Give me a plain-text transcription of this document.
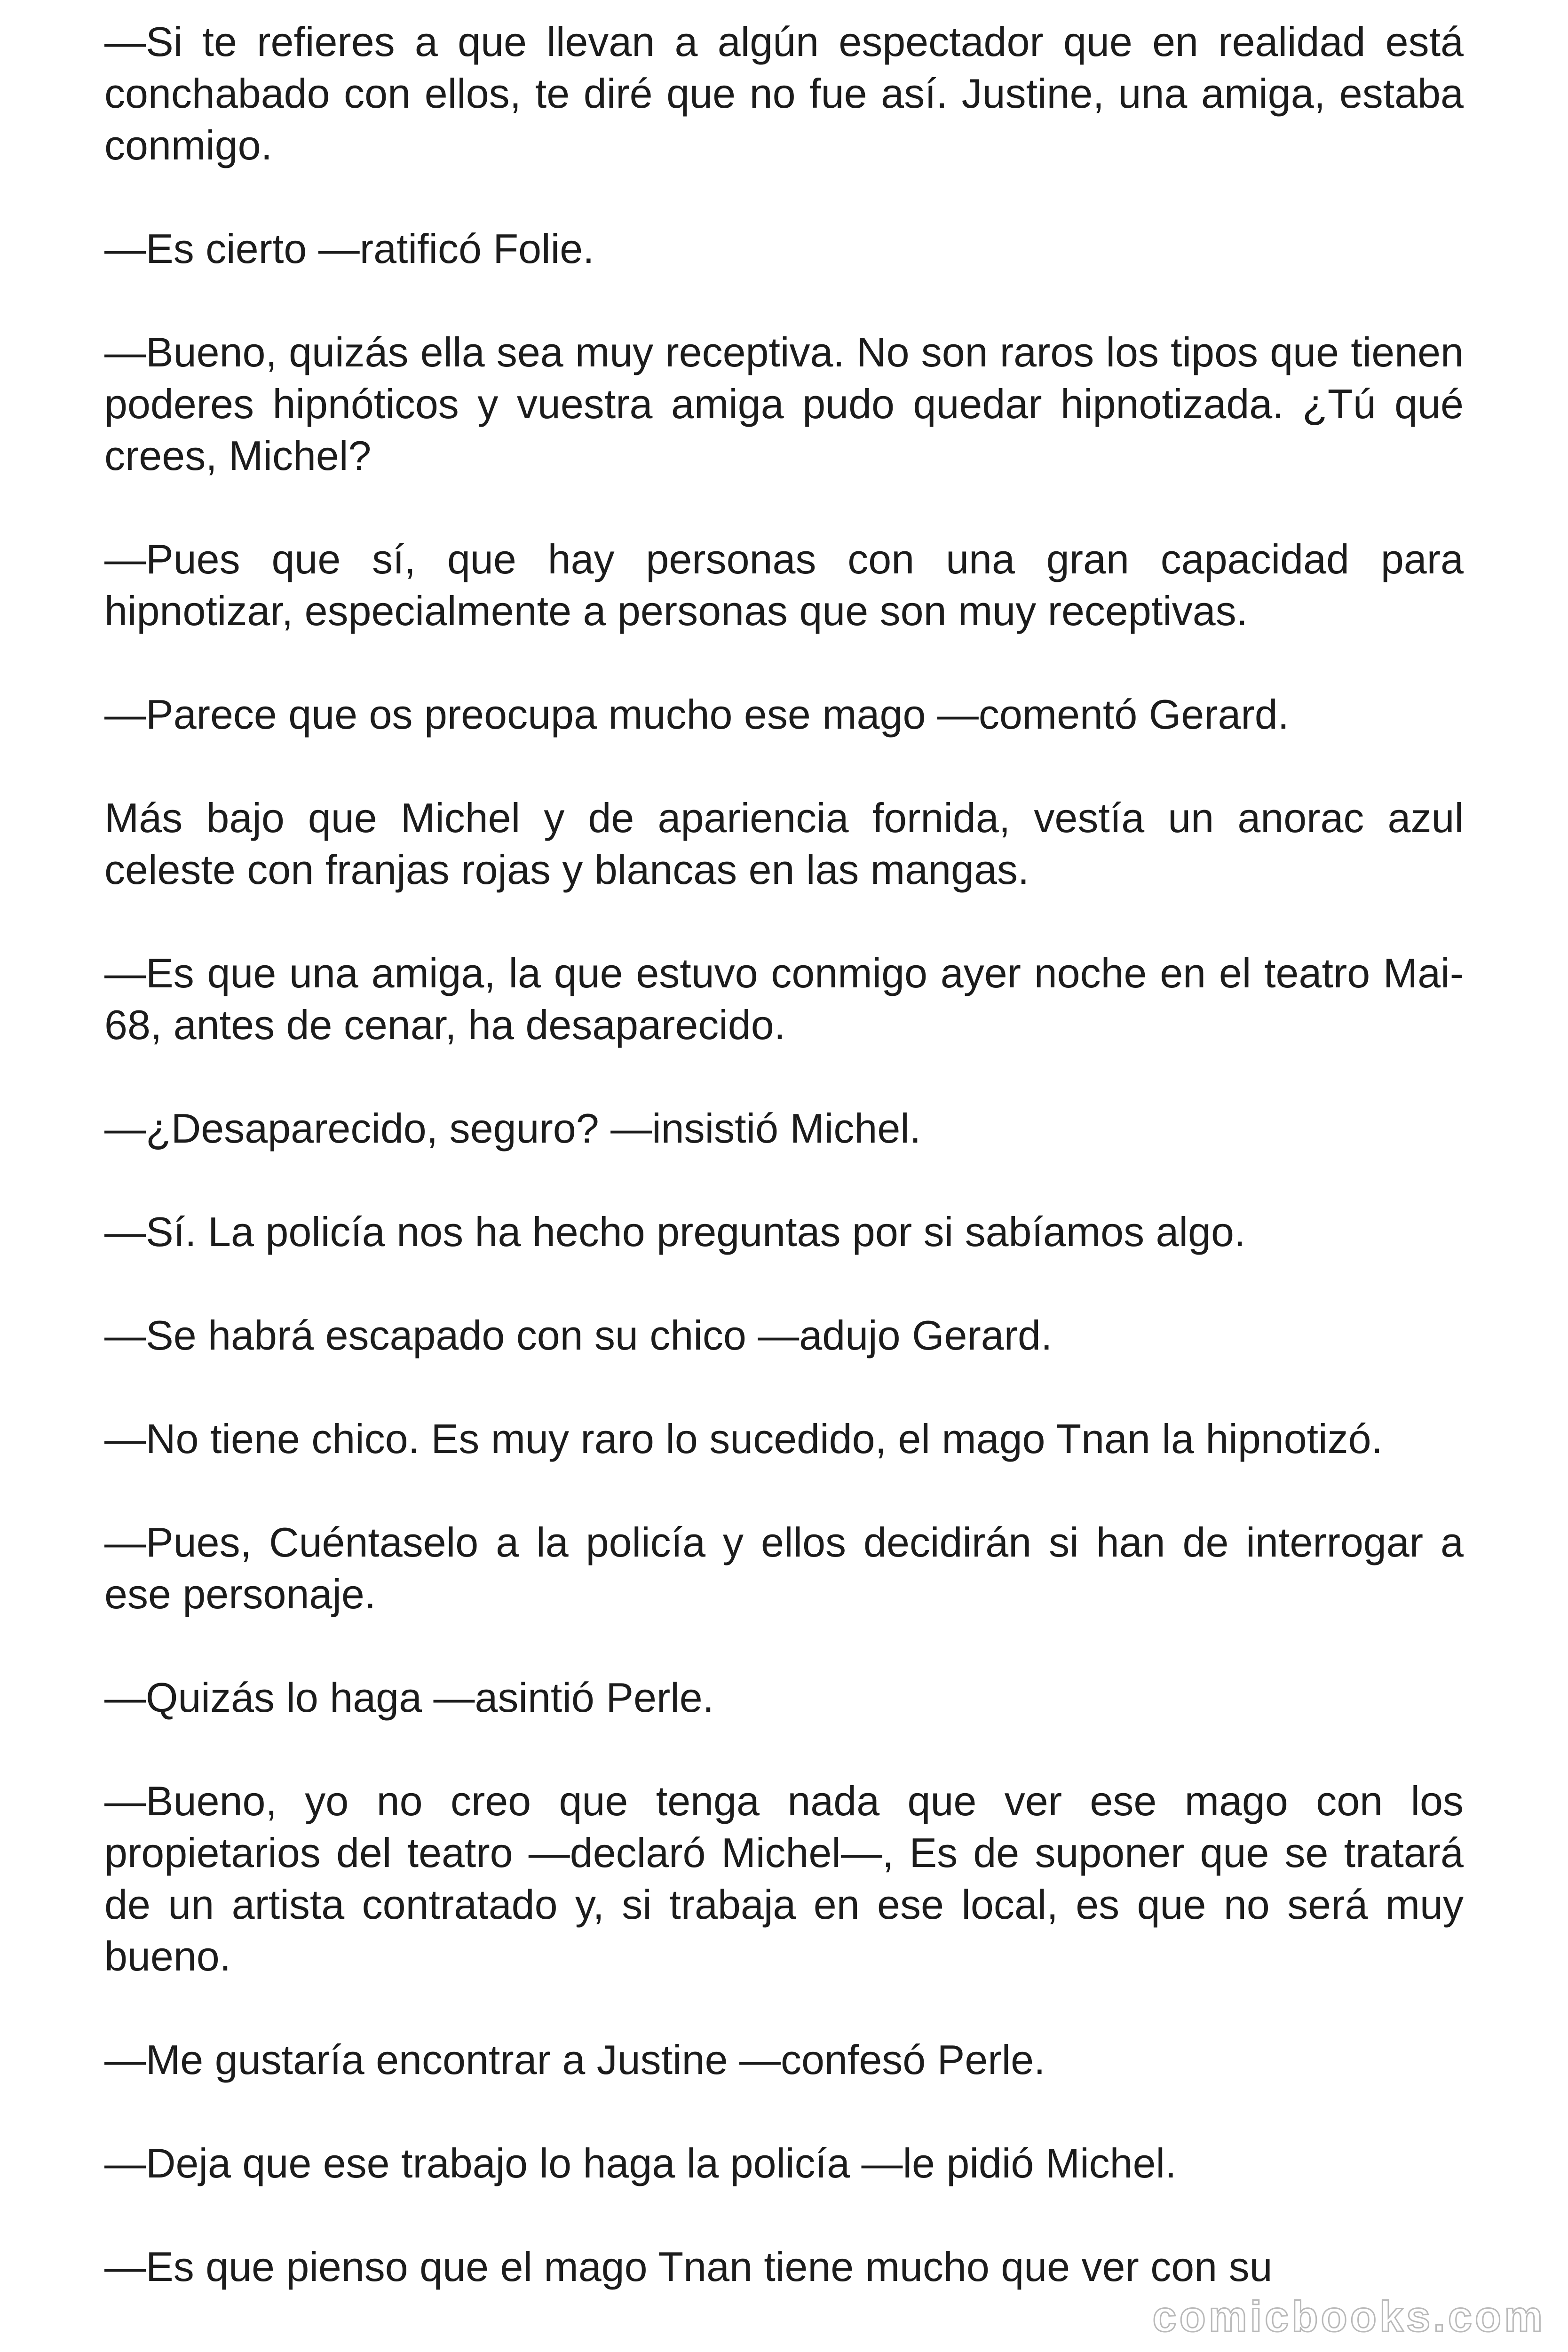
—Si te refieres a que llevan a algún espectador que en realidad está conchabado con ellos, te diré que no fue así. Justine, una amiga, estaba conmigo.

—Es cierto —ratificó Folie.

—Bueno, quizás ella sea muy receptiva. No son raros los tipos que tienen poderes hipnóticos y vuestra amiga pudo quedar hipnotizada. ¿Tú qué crees, Michel?

—Pues que sí, que hay personas con una gran capacidad para hipnotizar, especialmente a personas que son muy receptivas.

—Parece que os preocupa mucho ese mago —comentó Gerard.

Más bajo que Michel y de apariencia fornida, vestía un anorac azul celeste con franjas rojas y blancas en las mangas.

—Es que una amiga, la que estuvo conmigo ayer noche en el teatro Mai-68, antes de cenar, ha desaparecido.

—¿Desaparecido, seguro? —insistió Michel.

—Sí. La policía nos ha hecho preguntas por si sabíamos algo.

—Se habrá escapado con su chico —adujo Gerard.

—No tiene chico. Es muy raro lo sucedido, el mago Tnan la hipnotizó.

—Pues, Cuéntaselo a la policía y ellos decidirán si han de interrogar a ese personaje.

—Quizás lo haga —asintió Perle.

—Bueno, yo no creo que tenga nada que ver ese mago con los propietarios del teatro —declaró Michel—, Es de suponer que se tratará de un artista contratado y, si trabaja en ese local, es que no será muy bueno.

—Me gustaría encontrar a Justine —confesó Perle.

—Deja que ese trabajo lo haga la policía —le pidió Michel.

—Es que pienso que el mago Tnan tiene mucho que ver con su

comicbooks.com
